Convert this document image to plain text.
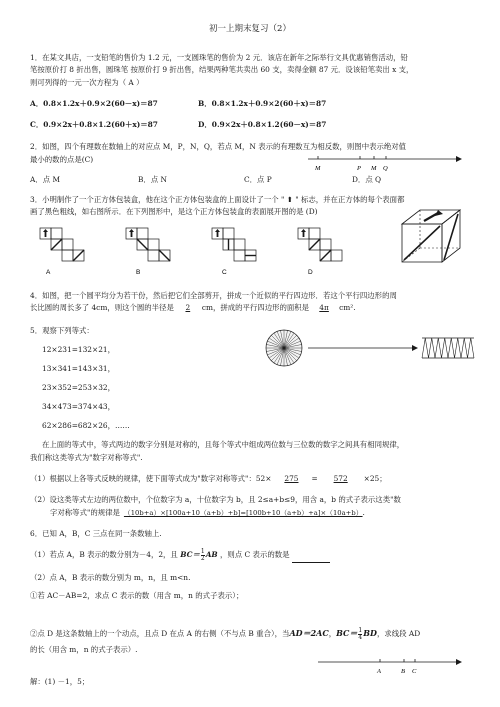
初一上期末复习（2）
1．在某文具店，一支铅笔的售价为 1.2 元，一支圆珠笔的售价为 2 元．该店在新年之际举行文具优惠销售活动，铅
笔按原价打 8 折出售，圆珠笔 按原价打 9 折出售，结果两种笔共卖出 60 支，卖得金额 87 元．设该铅笔卖出 x 支，
则可列得的一元一次方程为（ A ）
A．0.8×1.2x＋0.9×2(60－x)＝87	B．0.8×1.2x＋0.9×2(60＋x)＝87
C．0.9×2x＋0.8×1.2(60＋x)＝87	D．0.9×2x＋0.8×1.2(60－x)＝87
2．如图，四个有理数在数轴上的对应点 M，P，N，Q，若点 M，N 表示的有理数互为相反数，则图中表示绝对值
最小的数的点是(C)
M	P M Q
A．点 M	B．点 N	C．点 P	D．点 Q
3．小明制作了一个正方体包装盒，他在这个正方体包装盒的上面设计了一个 " ⬆ " 标志，并在正方体的每个表面都
画了黑色粗线，如右图所示．在下列图形中，是这个正方体包装盒的表面展开图的是 (D)
A	B	C	D
4．如图，把一个圆平均分为若干份，然后把它们全部剪开，拼成一个近似的平行四边形．若这个平行四边形的周
长比圆的周长多了 4cm，则这个圆的半径是 2 cm，拼成的平行四边形的面积是 4π cm².
5．观察下列等式：
12×231=132×21，
13×341=143×31，
23×352=253×32，
34×473=374×43，
62×286=682×26，……
在上面的等式中，等式两边的数字分别是对称的，且每个等式中组成两位数与三位数的数字之间具有相同规律，
我们称这类等式为"数字对称等式".
（1）根据以上各等式反映的规律，使下面等式成为"数字对称等式"：52× 275 = 572 ×25；
（2）设这类等式左边的两位数中，个位数字为 a，十位数字为 b，且 2≤a+b≤9，用含 a，b 的式子表示这类"数
字对称等式"的规律是 （10b+a）×[100a+10（a+b）+b]=[100b+10（a+b）+a]×（10a+b）.
6．已知 A，B，C 三点在同一条数轴上.
（1）若点 A，B 表示的数分别为－4，2，且 $BC= \frac{1}{2}$ AB ，则点 C 表示的数是
（2）点 A，B 表示的数分别为 m，n，且 m<n.
①若 AC－AB=2，求点 C 表示的数（用含 m，n 的式子表示）；
②点 D 是这条数轴上的一个动点，且点 D 在点 A 的右侧（不与点 B 重合），当AD＝2AC，$BC= \frac{1}{4}$ BD，求线段 AD
的长（用含 m，n 的式子表示）.
A	B C
解：(1) －1，5；
